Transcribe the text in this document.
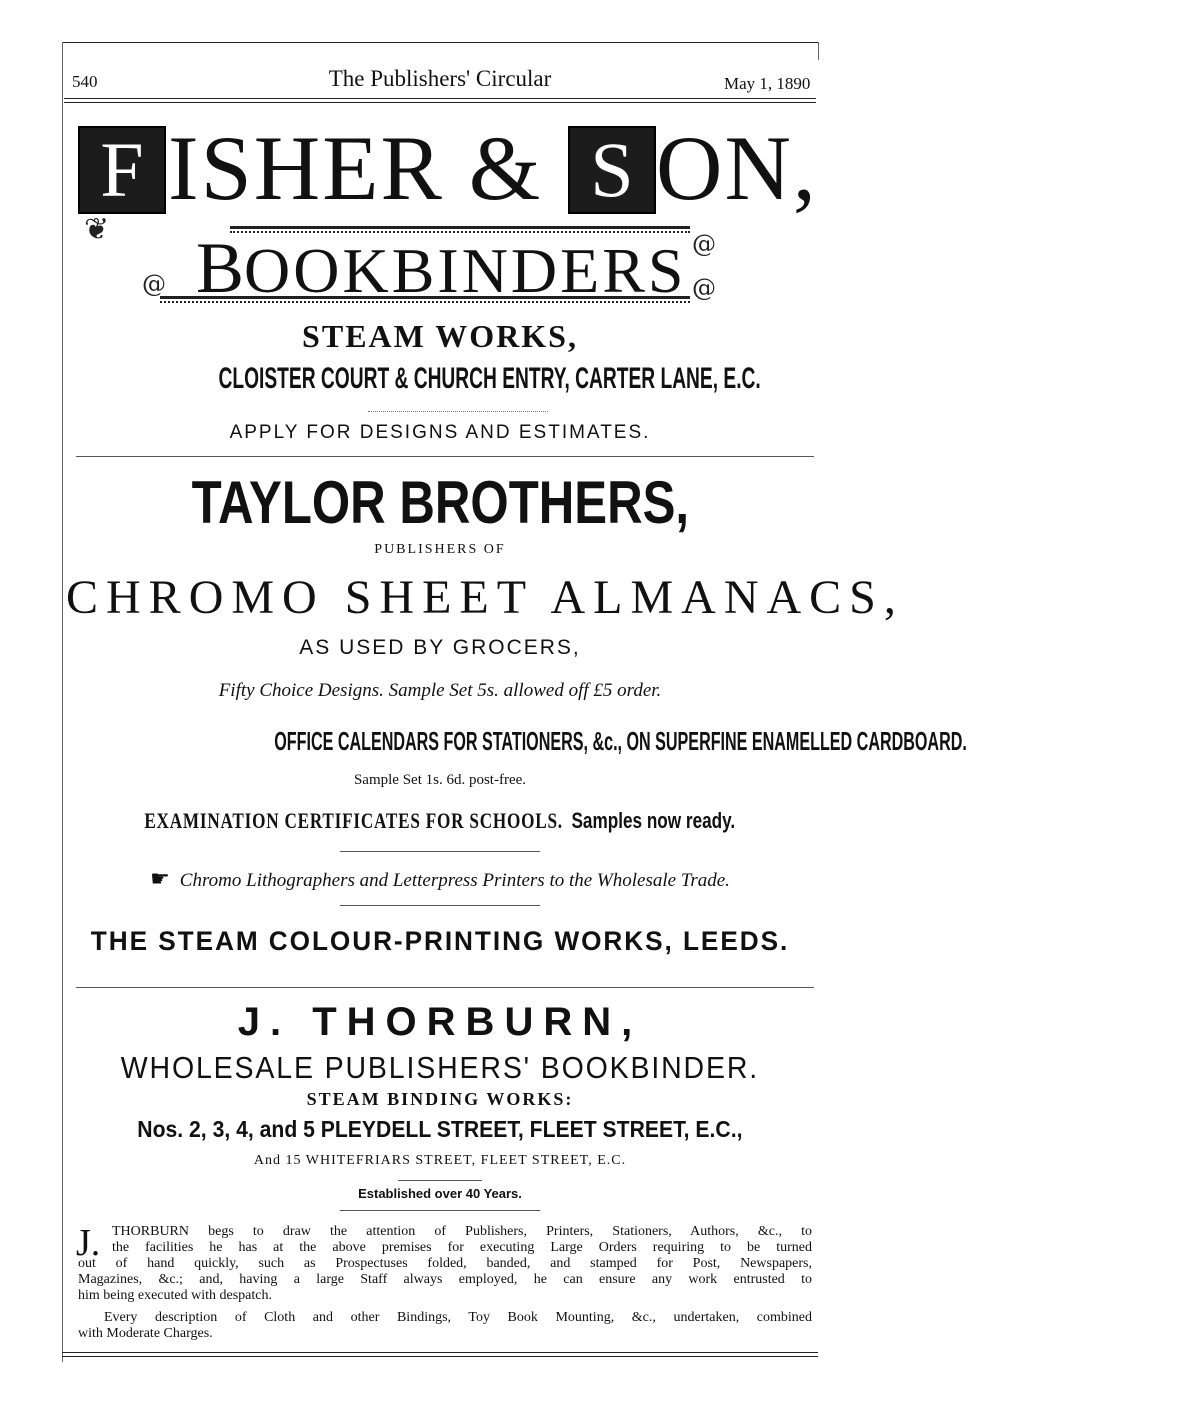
540	The Publishers' Circular	May 1, 1890
F ISHER & S ON,
❦
@
@
@
BOOKBINDERS
STEAM WORKS,
CLOISTER COURT & CHURCH ENTRY, CARTER LANE, E.C.
APPLY FOR DESIGNS AND ESTIMATES.
TAYLOR BROTHERS,
PUBLISHERS OF
CHROMO SHEET ALMANACS,
AS USED BY GROCERS,
Fifty Choice Designs. Sample Set 5s. allowed off £5 order.
OFFICE CALENDARS FOR STATIONERS, &c., ON SUPERFINE ENAMELLED CARDBOARD.
Sample Set 1s. 6d. post-free.
EXAMINATION CERTIFICATES FOR SCHOOLS. Samples now ready.
☛ Chromo Lithographers and Letterpress Printers to the Wholesale Trade.
THE STEAM COLOUR-PRINTING WORKS, LEEDS.
J. THORBURN,
WHOLESALE PUBLISHERS' BOOKBINDER.
STEAM BINDING WORKS:
Nos. 2, 3, 4, and 5 PLEYDELL STREET, FLEET STREET, E.C.,
And 15 WHITEFRIARS STREET, FLEET STREET, E.C.
Established over 40 Years.
J. THORBURN begs to draw the attention of Publishers, Printers, Stationers, Authors, &c., to
the facilities he has at the above premises for executing Large Orders requiring to be turned
out of hand quickly, such as Prospectuses folded, banded, and stamped for Post, Newspapers,
Magazines, &c.; and, having a large Staff always employed, he can ensure any work entrusted to
him being executed with despatch.
Every description of Cloth and other Bindings, Toy Book Mounting, &c., undertaken, combined
with Moderate Charges.
